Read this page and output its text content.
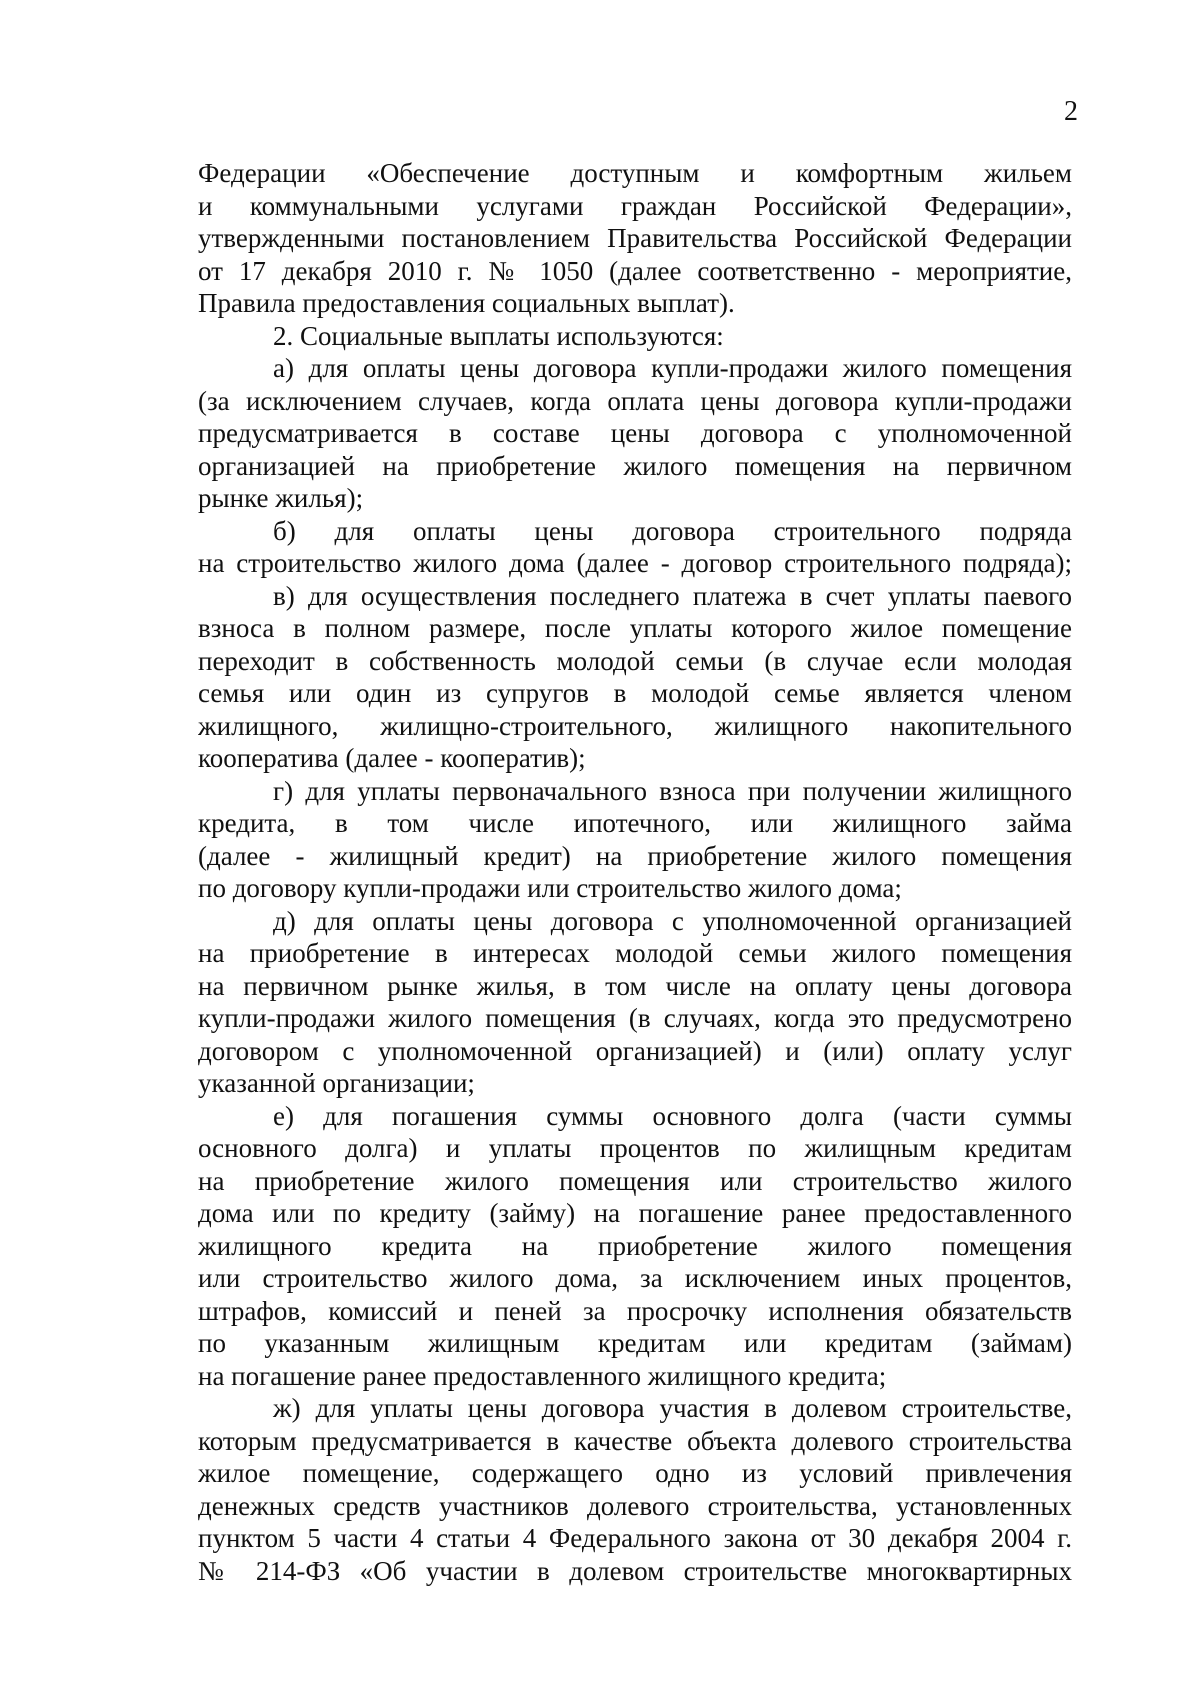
2
Федерации «Обеспечение доступным и комфортным жильем
и коммунальными услугами граждан Российской Федерации»,
утвержденными постановлением Правительства Российской Федерации
от 17 декабря 2010 г. № 1050 (далее соответственно - мероприятие,
Правила предоставления социальных выплат).
2. Социальные выплаты используются:
а) для оплаты цены договора купли-продажи жилого помещения
(за исключением случаев, когда оплата цены договора купли-продажи
предусматривается в составе цены договора с уполномоченной
организацией на приобретение жилого помещения на первичном
рынке жилья);
б) для оплаты цены договора строительного подряда
на строительство жилого дома (далее - договор строительного подряда);
в) для осуществления последнего платежа в счет уплаты паевого
взноса в полном размере, после уплаты которого жилое помещение
переходит в собственность молодой семьи (в случае если молодая
семья или один из супругов в молодой семье является членом
жилищного, жилищно-строительного, жилищного накопительного
кооператива (далее - кооператив);
г) для уплаты первоначального взноса при получении жилищного
кредита, в том числе ипотечного, или жилищного займа
(далее - жилищный кредит) на приобретение жилого помещения
по договору купли-продажи или строительство жилого дома;
д) для оплаты цены договора с уполномоченной организацией
на приобретение в интересах молодой семьи жилого помещения
на первичном рынке жилья, в том числе на оплату цены договора
купли-продажи жилого помещения (в случаях, когда это предусмотрено
договором с уполномоченной организацией) и (или) оплату услуг
указанной организации;
е) для погашения суммы основного долга (части суммы
основного долга) и уплаты процентов по жилищным кредитам
на приобретение жилого помещения или строительство жилого
дома или по кредиту (займу) на погашение ранее предоставленного
жилищного кредита на приобретение жилого помещения
или строительство жилого дома, за исключением иных процентов,
штрафов, комиссий и пеней за просрочку исполнения обязательств
по указанным жилищным кредитам или кредитам (займам)
на погашение ранее предоставленного жилищного кредита;
ж) для уплаты цены договора участия в долевом строительстве,
которым предусматривается в качестве объекта долевого строительства
жилое помещение, содержащего одно из условий привлечения
денежных средств участников долевого строительства, установленных
пунктом 5 части 4 статьи 4 Федерального закона от 30 декабря 2004 г.
№ 214-ФЗ «Об участии в долевом строительстве многоквартирных
